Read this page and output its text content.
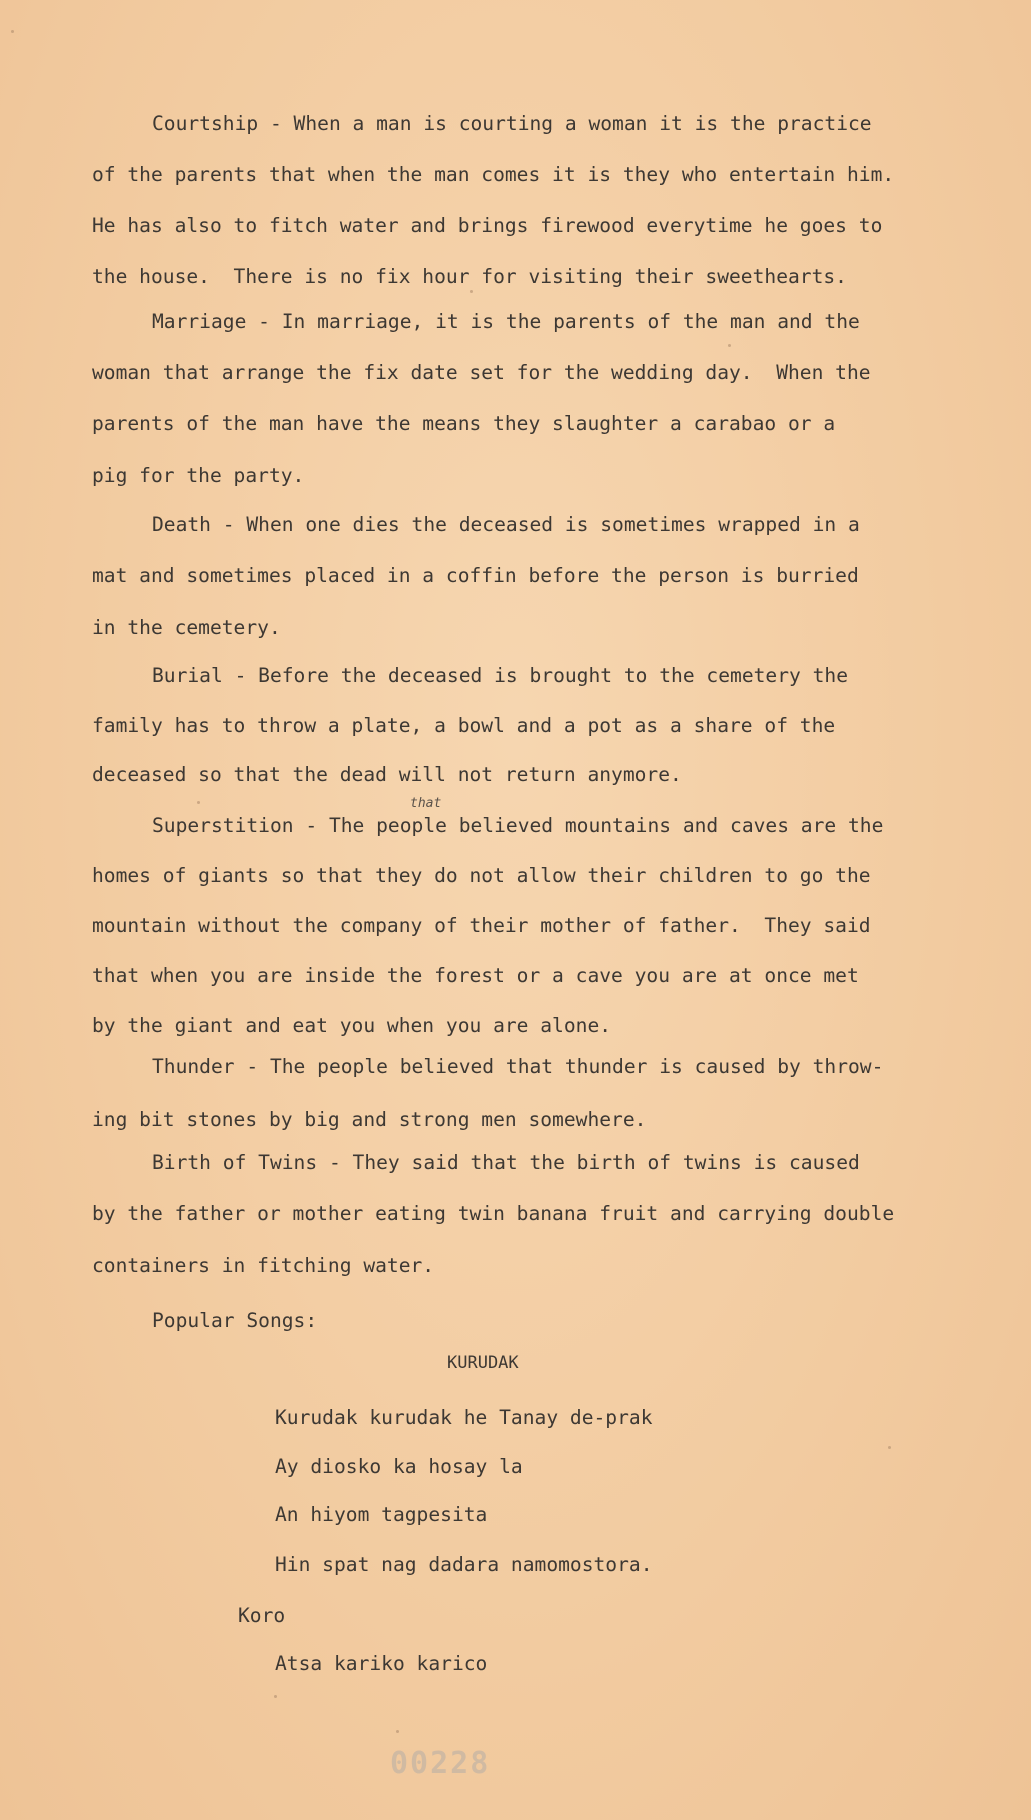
Courtship - When a man is courting a woman it is the practice
of the parents that when the man comes it is they who entertain him.
He has also to fitch water and brings firewood everytime he goes to
the house.  There is no fix hour for visiting their sweethearts.
Marriage - In marriage, it is the parents of the man and the
woman that arrange the fix date set for the wedding day.  When the
parents of the man have the means they slaughter a carabao or a
pig for the party.
Death - When one dies the deceased is sometimes wrapped in a
mat and sometimes placed in a coffin before the person is burried
in the cemetery.
Burial - Before the deceased is brought to the cemetery the
family has to throw a plate, a bowl and a pot as a share of the
deceased so that the dead will not return anymore.
Superstition - The people believed mountains and caves are the
that
homes of giants so that they do not allow their children to go the
mountain without the company of their mother of father.  They said
that when you are inside the forest or a cave you are at once met
by the giant and eat you when you are alone.
Thunder - The people believed that thunder is caused by throw-
ing bit stones by big and strong men somewhere.
Birth of Twins - They said that the birth of twins is caused
by the father or mother eating twin banana fruit and carrying double
containers in fitching water.
Popular Songs:
KURUDAK
Kurudak kurudak he Tanay de-prak
Ay diosko ka hosay la
An hiyom tagpesita
Hin spat nag dadara namomostora.
Koro
Atsa kariko karico
00228
